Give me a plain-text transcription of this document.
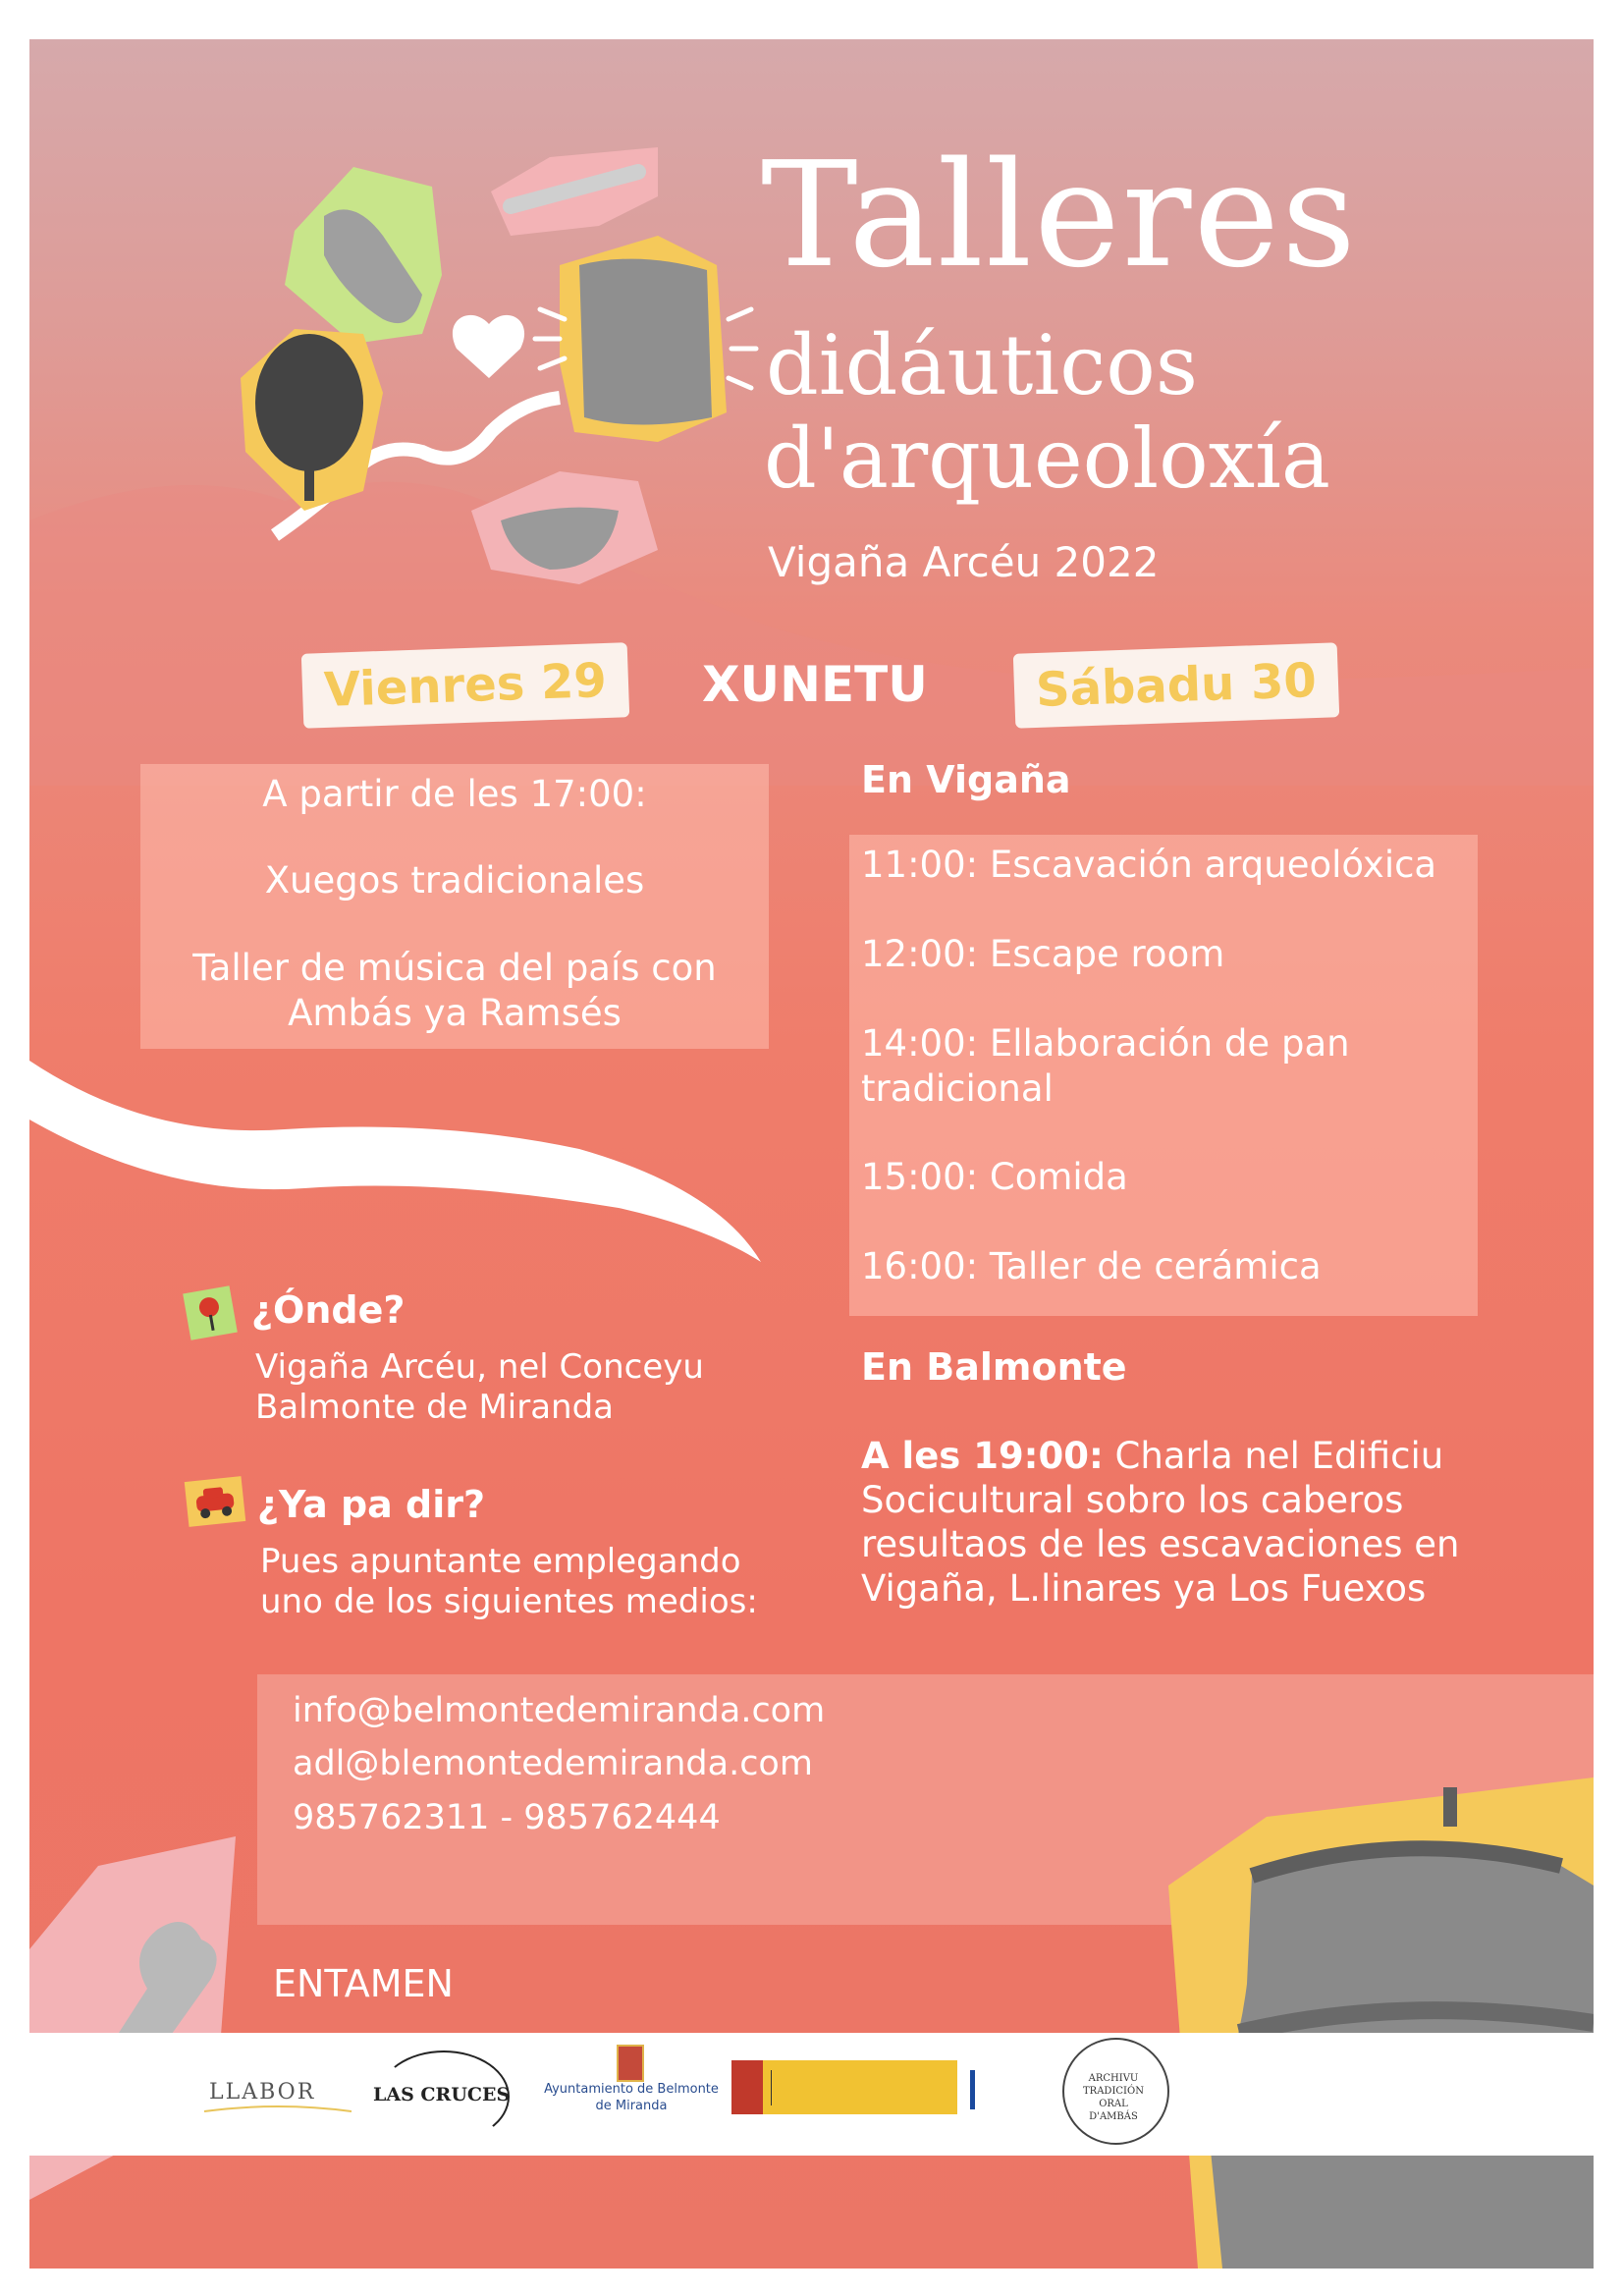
Talleres
didáuticos
d'arqueoloxía
Vigaña Arcéu 2022
Vienres 29	XUNETU	Sábadu 30
A partir de les 17:00:
Xuegos tradicionales
Taller de música del país con Ambás ya Ramsés
En Vigaña
11:00: Escavación arqueolóxica
12:00: Escape room
14:00: Ellaboración de pan tradicional
15:00: Comida
16:00: Taller de cerámica
En Balmonte
A les 19:00: Charla nel Edificiu Socicultural sobro los caberos resultaos de les escavaciones en Vigaña, L.linares ya Los Fuexos
¿Ónde?
Vigaña Arcéu, nel Conceyu Balmonte de Miranda
¿Ya pa dir?
Pues apuntante emplegando uno de los siguientes medios:
info@belmontedemiranda.com
adl@blemontedemiranda.com
985762311 - 985762444
ENTAMEN
LLABOR	LAS CRUCES	Ayuntamiento de Belmonte de Miranda
ARCHIVU TRADICIÓN ORAL D'AMBÁS
